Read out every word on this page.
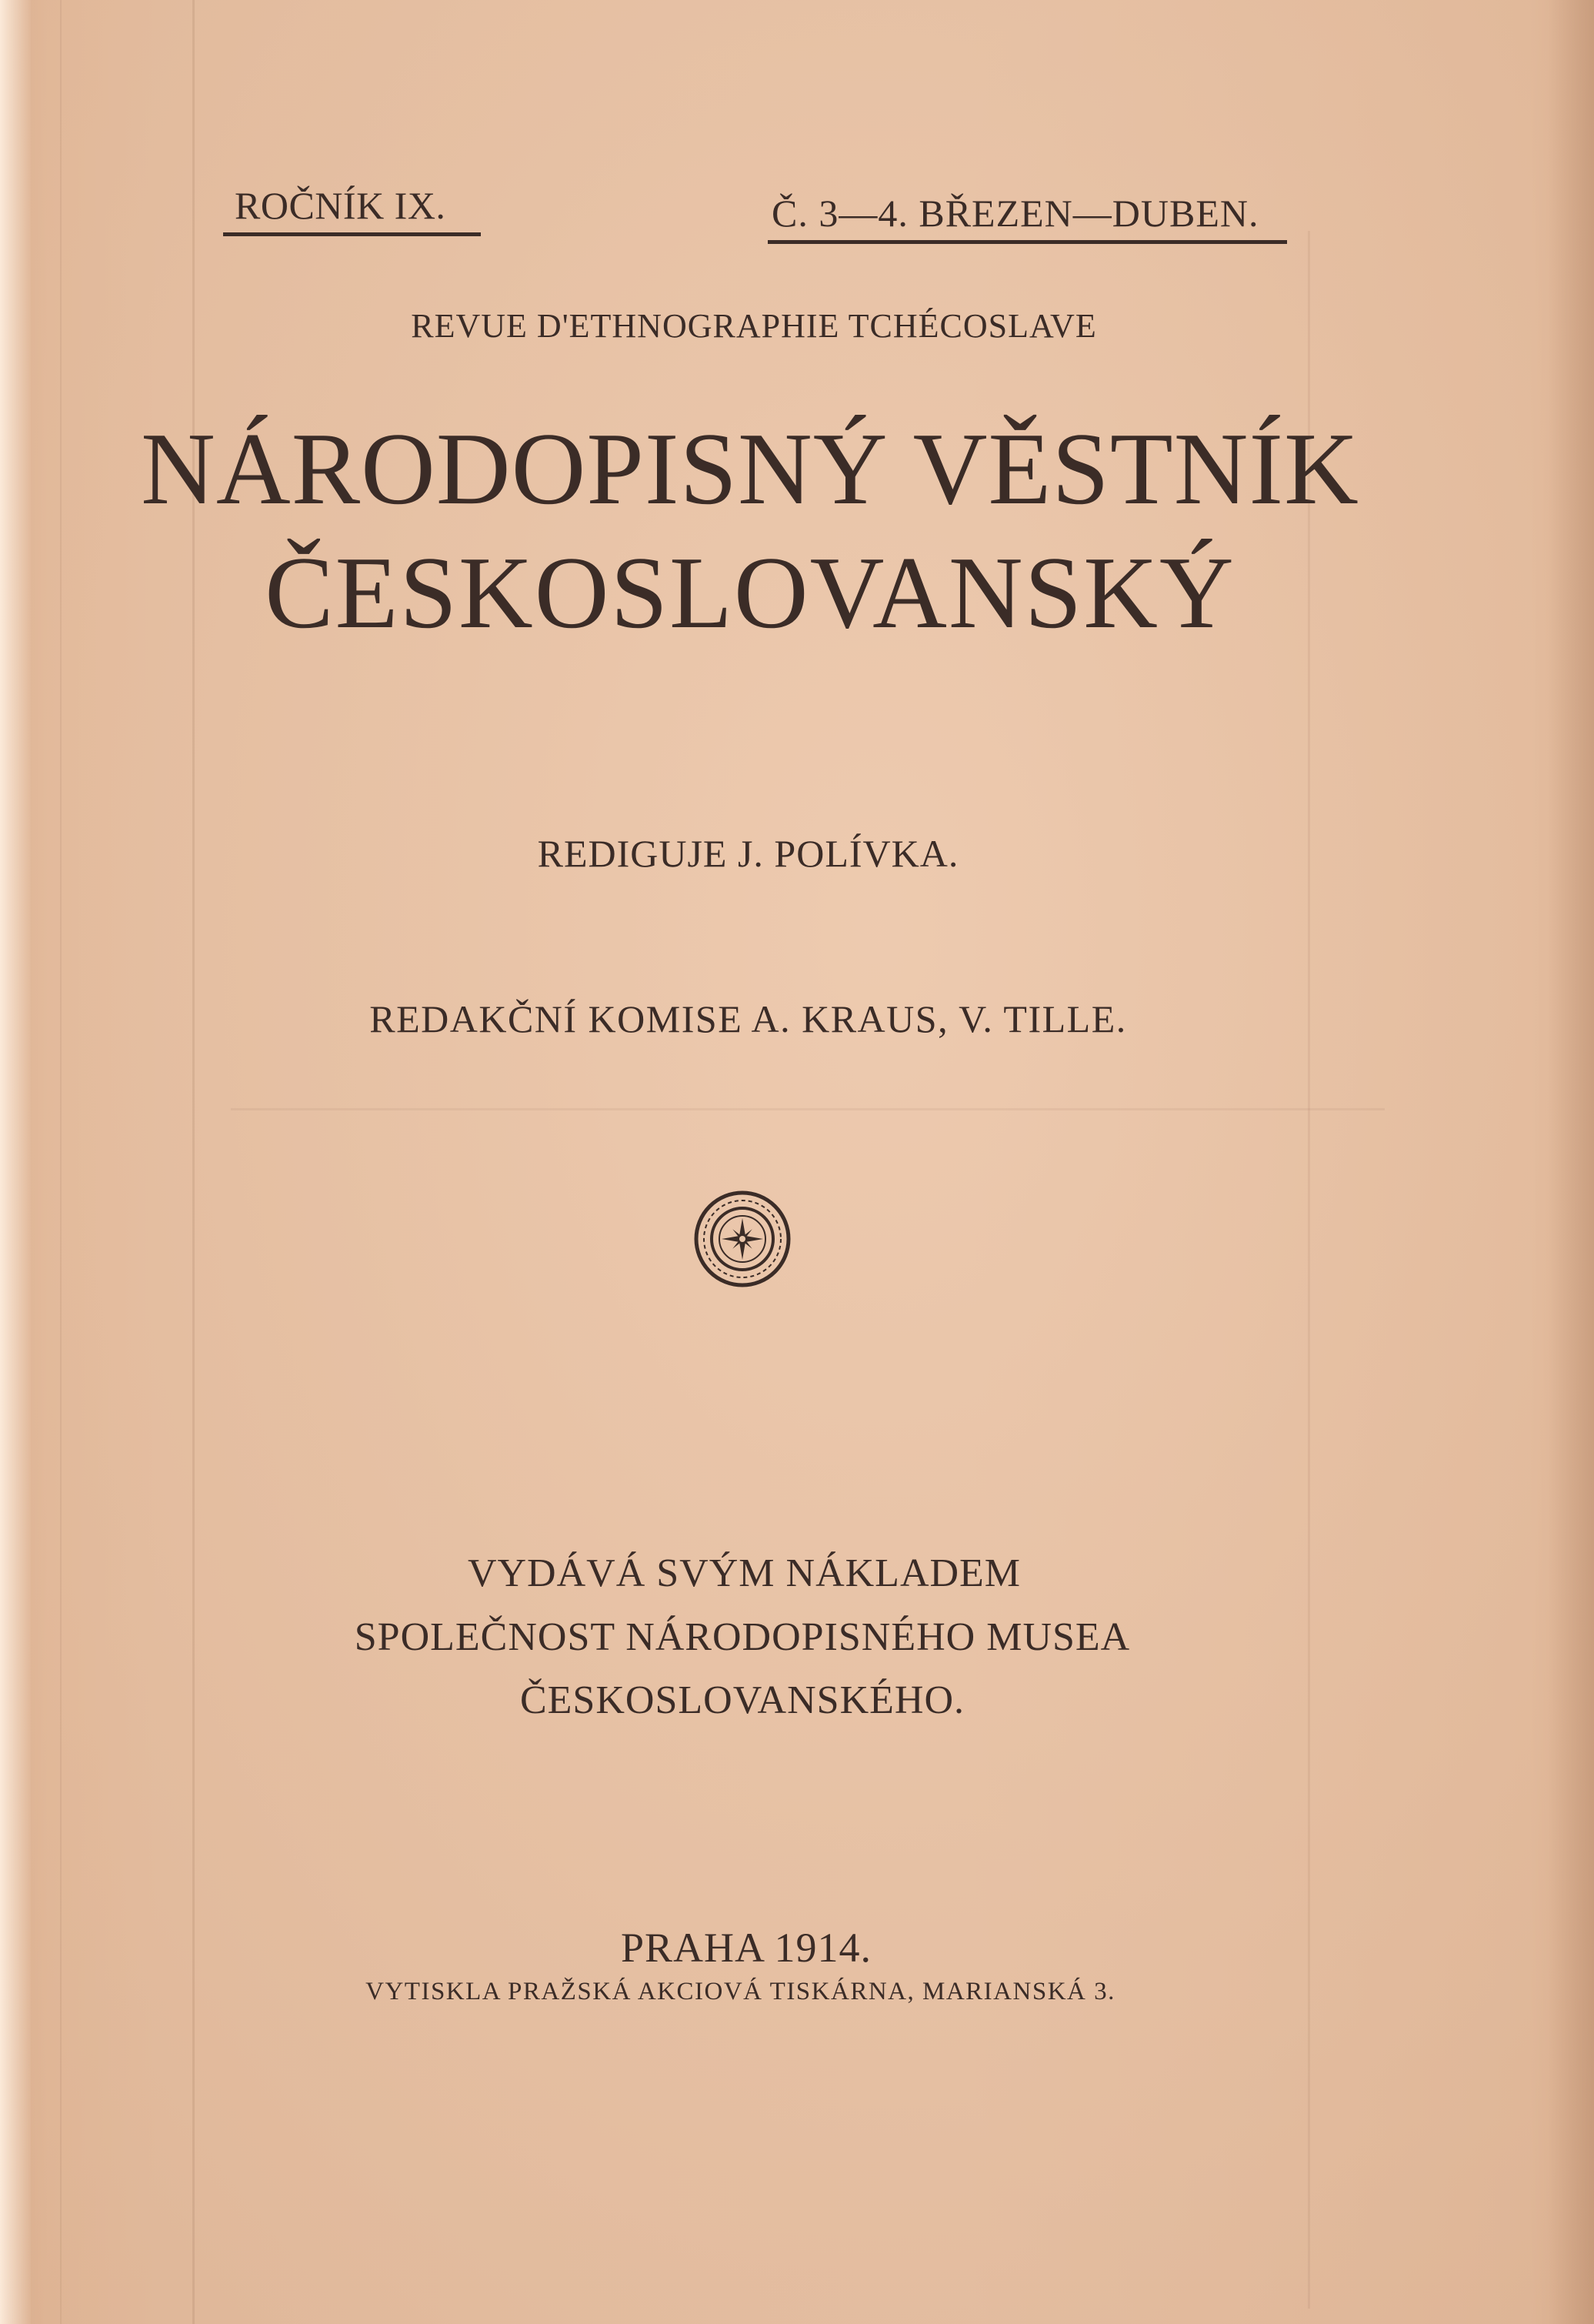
ROČNÍK IX.	Č. 3—4. BŘEZEN—DUBEN.
REVUE D'ETHNOGRAPHIE TCHÉCOSLAVE
NÁRODOPISNÝ VĚSTNÍK
ČESKOSLOVANSKÝ
REDIGUJE J. POLÍVKA.
REDAKČNÍ KOMISE A. KRAUS, V. TILLE.
VYDÁVÁ SVÝM NÁKLADEM
SPOLEČNOST NÁRODOPISNÉHO MUSEA
ČESKOSLOVANSKÉHO.
PRAHA 1914.
VYTISKLA PRAŽSKÁ AKCIOVÁ TISKÁRNA, MARIANSKÁ 3.
